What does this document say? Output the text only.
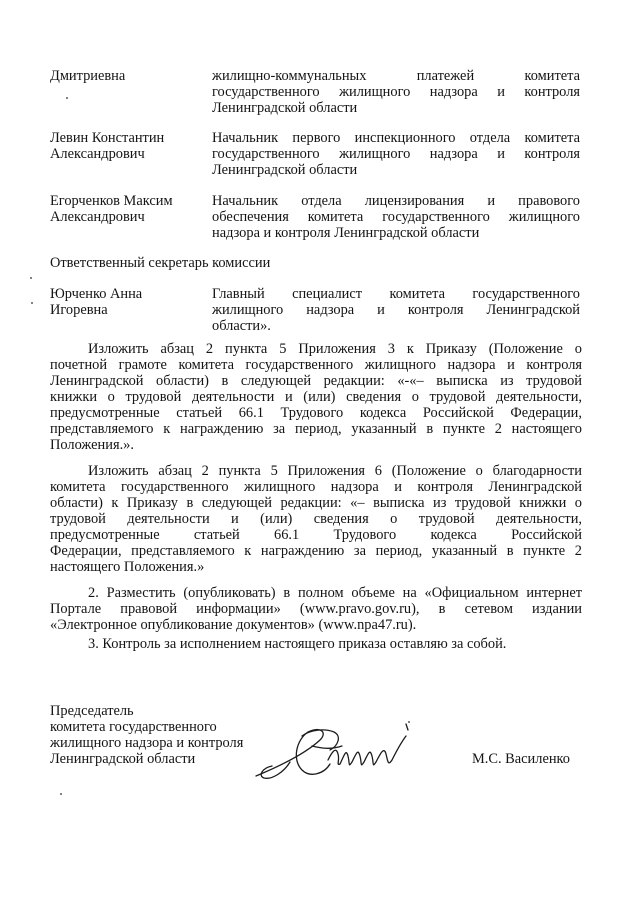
Дмитриевна	жилищно-коммунальных платежей комитета
государственного жилищного надзора и контроля
Ленинградской области
Левин Константин
Александрович
Начальник первого инспекционного отдела комитета
государственного жилищного надзора и контроля
Ленинградской области
Егорченков Максим
Александрович
Начальник отдела лицензирования и правового
обеспечения комитета государственного жилищного
надзора и контроля Ленинградской области
Ответственный секретарь комиссии
Юрченко Анна
Игоревна
Главный специалист комитета государственного
жилищного надзора и контроля Ленинградской
области».
Изложить абзац 2 пункта 5 Приложения 3 к Приказу (Положение о
почетной грамоте комитета государственного жилищного надзора и контроля
Ленинградской области) в следующей редакции: «-«– выписка из трудовой
книжки о трудовой деятельности и (или) сведения о трудовой деятельности,
предусмотренные статьей 66.1 Трудового кодекса Российской Федерации,
представляемого к награждению за период, указанный в пункте 2 настоящего
Положения.».
Изложить абзац 2 пункта 5 Приложения 6 (Положение о благодарности
комитета государственного жилищного надзора и контроля Ленинградской
области) к Приказу в следующей редакции: «– выписка из трудовой книжки о
трудовой деятельности и (или) сведения о трудовой деятельности,
предусмотренные статьей 66.1 Трудового кодекса Российской
Федерации, представляемого к награждению за период, указанный в пункте 2
настоящего Положения.»
2. Разместить (опубликовать) в полном объеме на «Официальном интернет
Портале правовой информации» (www.pravo.gov.ru), в сетевом издании
«Электронное опубликование документов» (www.npa47.ru).
3. Контроль за исполнением настоящего приказа оставляю за собой.
Председатель
комитета государственного
жилищного надзора и контроля
Ленинградской области	М.С. Василенко
